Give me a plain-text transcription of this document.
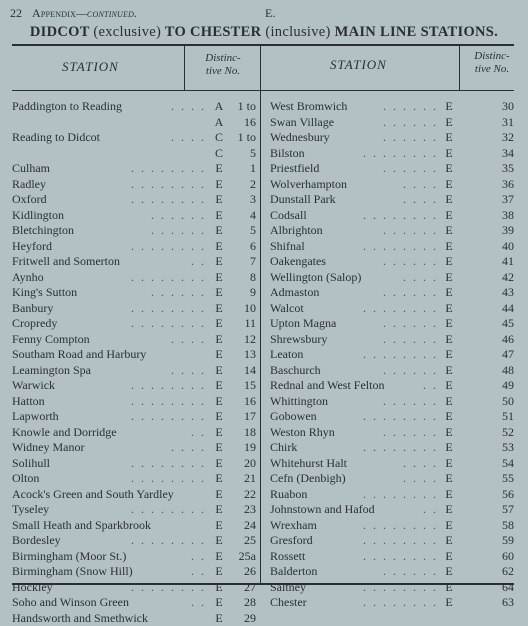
22 Appendix—continued.	E.
DIDCOT (exclusive) TO CHESTER (inclusive) MAIN LINE STATIONS.
STATION
Distinc-
tive No.	STATION
Distinc-
tive No.
Paddington to Reading	. . . . A	1 to
A	16
Reading to Didcot	. . . . C	1 to
C	5
Culham	. . . . . . . . E	1
Radley	. . . . . . . . E	2
Oxford	. . . . . . . . E	3
Kidlington	. . . . . . E	4
Bletchington	. . . . . . E	5
Heyford	. . . . . . . . E	6
Fritwell and Somerton	. . E	7
Aynho	. . . . . . . . E	8
King's Sutton	. . . . . . E	9
Banbury	. . . . . . . . E	10
Cropredy	. . . . . . . . E	11
Fenny Compton	. . . . E	12
Southam Road and Harbury	E	13
Leamington Spa	. . . . E	14
Warwick	. . . . . . . . E	15
Hatton	. . . . . . . . E	16
Lapworth	. . . . . . . . E	17
Knowle and Dorridge	. . E	18
Widney Manor	. . . . E	19
Solihull	. . . . . . . . E	20
Olton	. . . . . . . . E	21
Acock's Green and South Yardley	E	22
Tyseley	. . . . . . . . E	23
Small Heath and Sparkbrook	E	24
Bordesley	. . . . . . . . E	25
Birmingham (Moor St.)	. . E	25a
Birmingham (Snow Hill)	. . E	26
Hockley	. . . . . . . . E	27
Soho and Winson Green	. . E	28
Handsworth and Smethwick	E	29
West Bromwich	. . . . . . E	30
Swan Village	. . . . . . E	31
Wednesbury	. . . . . . E	32
Bilston	. . . . . . . . E	34
Priestfield	. . . . . . E	35
Wolverhampton	. . . . E	36
Dunstall Park	. . . . E	37
Codsall	. . . . . . . . E	38
Albrighton	. . . . . . E	39
Shifnal	. . . . . . . . E	40
Oakengates	. . . . . . E	41
Wellington (Salop)	. . . . E	42
Admaston	. . . . . . E	43
Walcot	. . . . . . . . E	44
Upton Magna	. . . . . . E	45
Shrewsbury	. . . . . . E	46
Leaton	. . . . . . . . E	47
Baschurch	. . . . . . E	48
Rednal and West Felton	. . E	49
Whittington	. . . . . . E	50
Gobowen	. . . . . . . . E	51
Weston Rhyn	. . . . . . E	52
Chirk	. . . . . . . . E	53
Whitehurst Halt	. . . . E	54
Cefn (Denbigh)	. . . . E	55
Ruabon	. . . . . . . . E	56
Johnstown and Hafod	. . E	57
Wrexham	. . . . . . . . E	58
Gresford	. . . . . . . . E	59
Rossett	. . . . . . . . E	60
Balderton	. . . . . . E	62
Saltney	. . . . . . . . E	64
Chester	. . . . . . . . E	63
